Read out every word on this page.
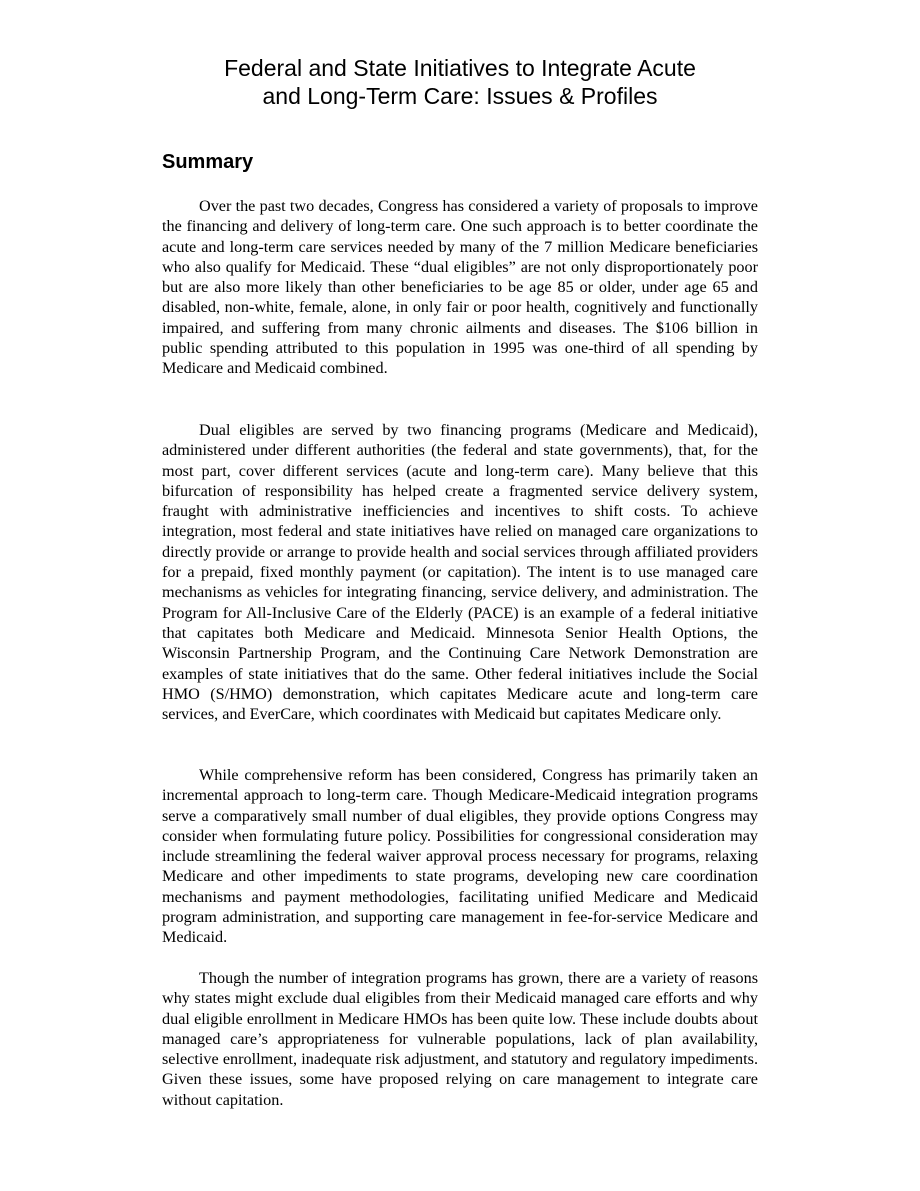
Federal and State Initiatives to Integrate Acute
and Long-Term Care: Issues & Profiles
Summary

Over the past two decades, Congress has considered a variety of proposals to improve the financing and delivery of long-term care. One such approach is to better coordinate the acute and long-term care services needed by many of the 7 million Medicare beneficiaries who also qualify for Medicaid. These “dual eligibles” are not only disproportionately poor but are also more likely than other beneficiaries to be age 85 or older, under age 65 and disabled, non-white, female, alone, in only fair or poor health, cognitively and functionally impaired, and suffering from many chronic ailments and diseases. The $106 billion in public spending attributed to this population in 1995 was one-third of all spending by Medicare and Medicaid combined.

Dual eligibles are served by two financing programs (Medicare and Medicaid), administered under different authorities (the federal and state governments), that, for the most part, cover different services (acute and long-term care). Many believe that this bifurcation of responsibility has helped create a fragmented service delivery system, fraught with administrative inefficiencies and incentives to shift costs. To achieve integration, most federal and state initiatives have relied on managed care organizations to directly provide or arrange to provide health and social services through affiliated providers for a prepaid, fixed monthly payment (or capitation). The intent is to use managed care mechanisms as vehicles for integrating financing, service delivery, and administration. The Program for All-Inclusive Care of the Elderly (PACE) is an example of a federal initiative that capitates both Medicare and Medicaid. Minnesota Senior Health Options, the Wisconsin Partnership Program, and the Continuing Care Network Demonstration are examples of state initiatives that do the same. Other federal initiatives include the Social HMO (S/HMO) demonstration, which capitates Medicare acute and long-term care services, and EverCare, which coordinates with Medicaid but capitates Medicare only.

While comprehensive reform has been considered, Congress has primarily taken an incremental approach to long-term care. Though Medicare-Medicaid integration programs serve a comparatively small number of dual eligibles, they provide options Congress may consider when formulating future policy. Possibilities for congressional consideration may include streamlining the federal waiver approval process necessary for programs, relaxing Medicare and other impediments to state programs, developing new care coordination mechanisms and payment methodologies, facilitating unified Medicare and Medicaid program administration, and supporting care management in fee-for-service Medicare and Medicaid.

Though the number of integration programs has grown, there are a variety of reasons why states might exclude dual eligibles from their Medicaid managed care efforts and why dual eligible enrollment in Medicare HMOs has been quite low. These include doubts about managed care’s appropriateness for vulnerable populations, lack of plan availability, selective enrollment, inadequate risk adjustment, and statutory and regulatory impediments. Given these issues, some have proposed relying on care management to integrate care without capitation.
